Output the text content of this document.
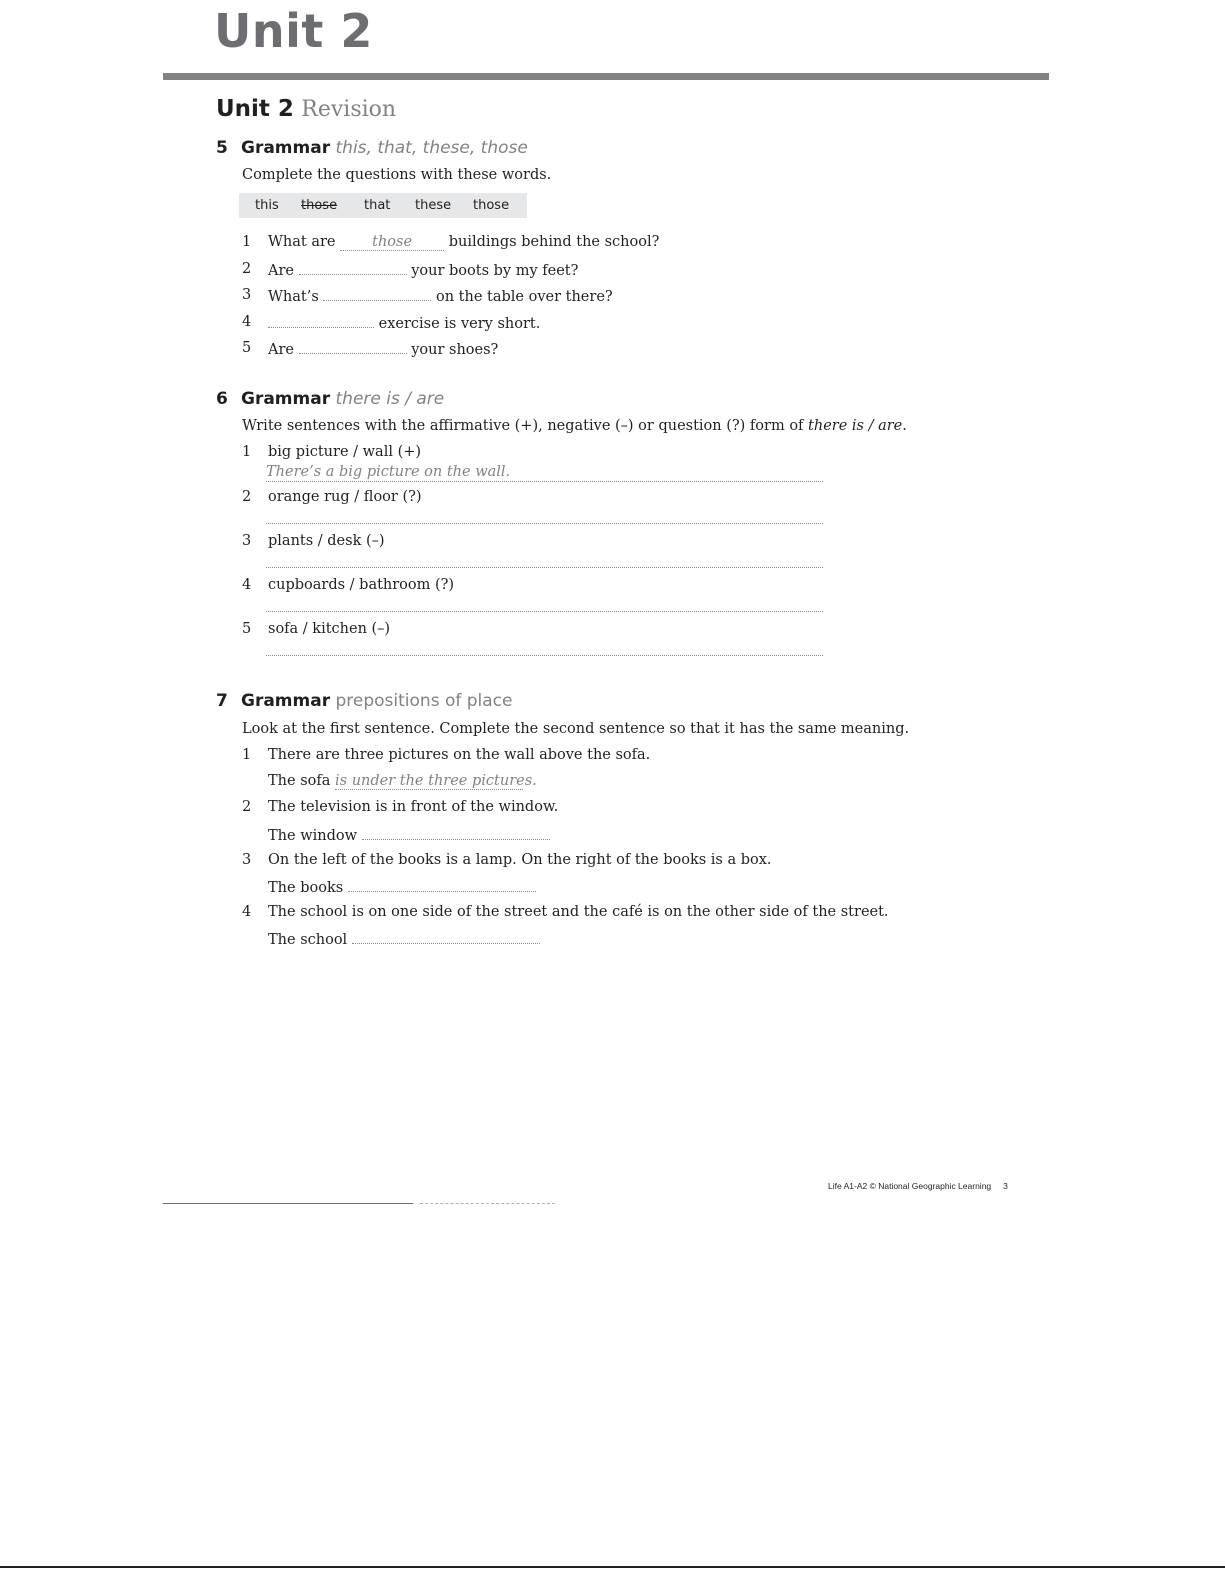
Unit 2
Unit 2 Revision
5 Grammar this, that, these, those
Complete the questions with these words.
this those that these those
1 What are	those	buildings behind the school?
2 Are	your boots by my feet?
3 What’s	on the table over there?
4	exercise is very short.
5 Are	your shoes?
6 Grammar there is / are
Write sentences with the affirmative (+), negative (–) or question (?) form of there is / are.
1 big picture / wall (+)
There’s a big picture on the wall.
2 orange rug / floor (?)
3 plants / desk (–)
4 cupboards / bathroom (?)
5 sofa / kitchen (–)
7 Grammar prepositions of place
Look at the first sentence. Complete the second sentence so that it has the same meaning.
1 There are three pictures on the wall above the sofa.
The sofa is under the three pictures.
2 The television is in front of the window.
The window
3 On the left of the books is a lamp. On the right of the books is a box.
The books
4 The school is on one side of the street and the café is on the other side of the street.
The school
Life A1-A2 © National Geographic Learning 3
